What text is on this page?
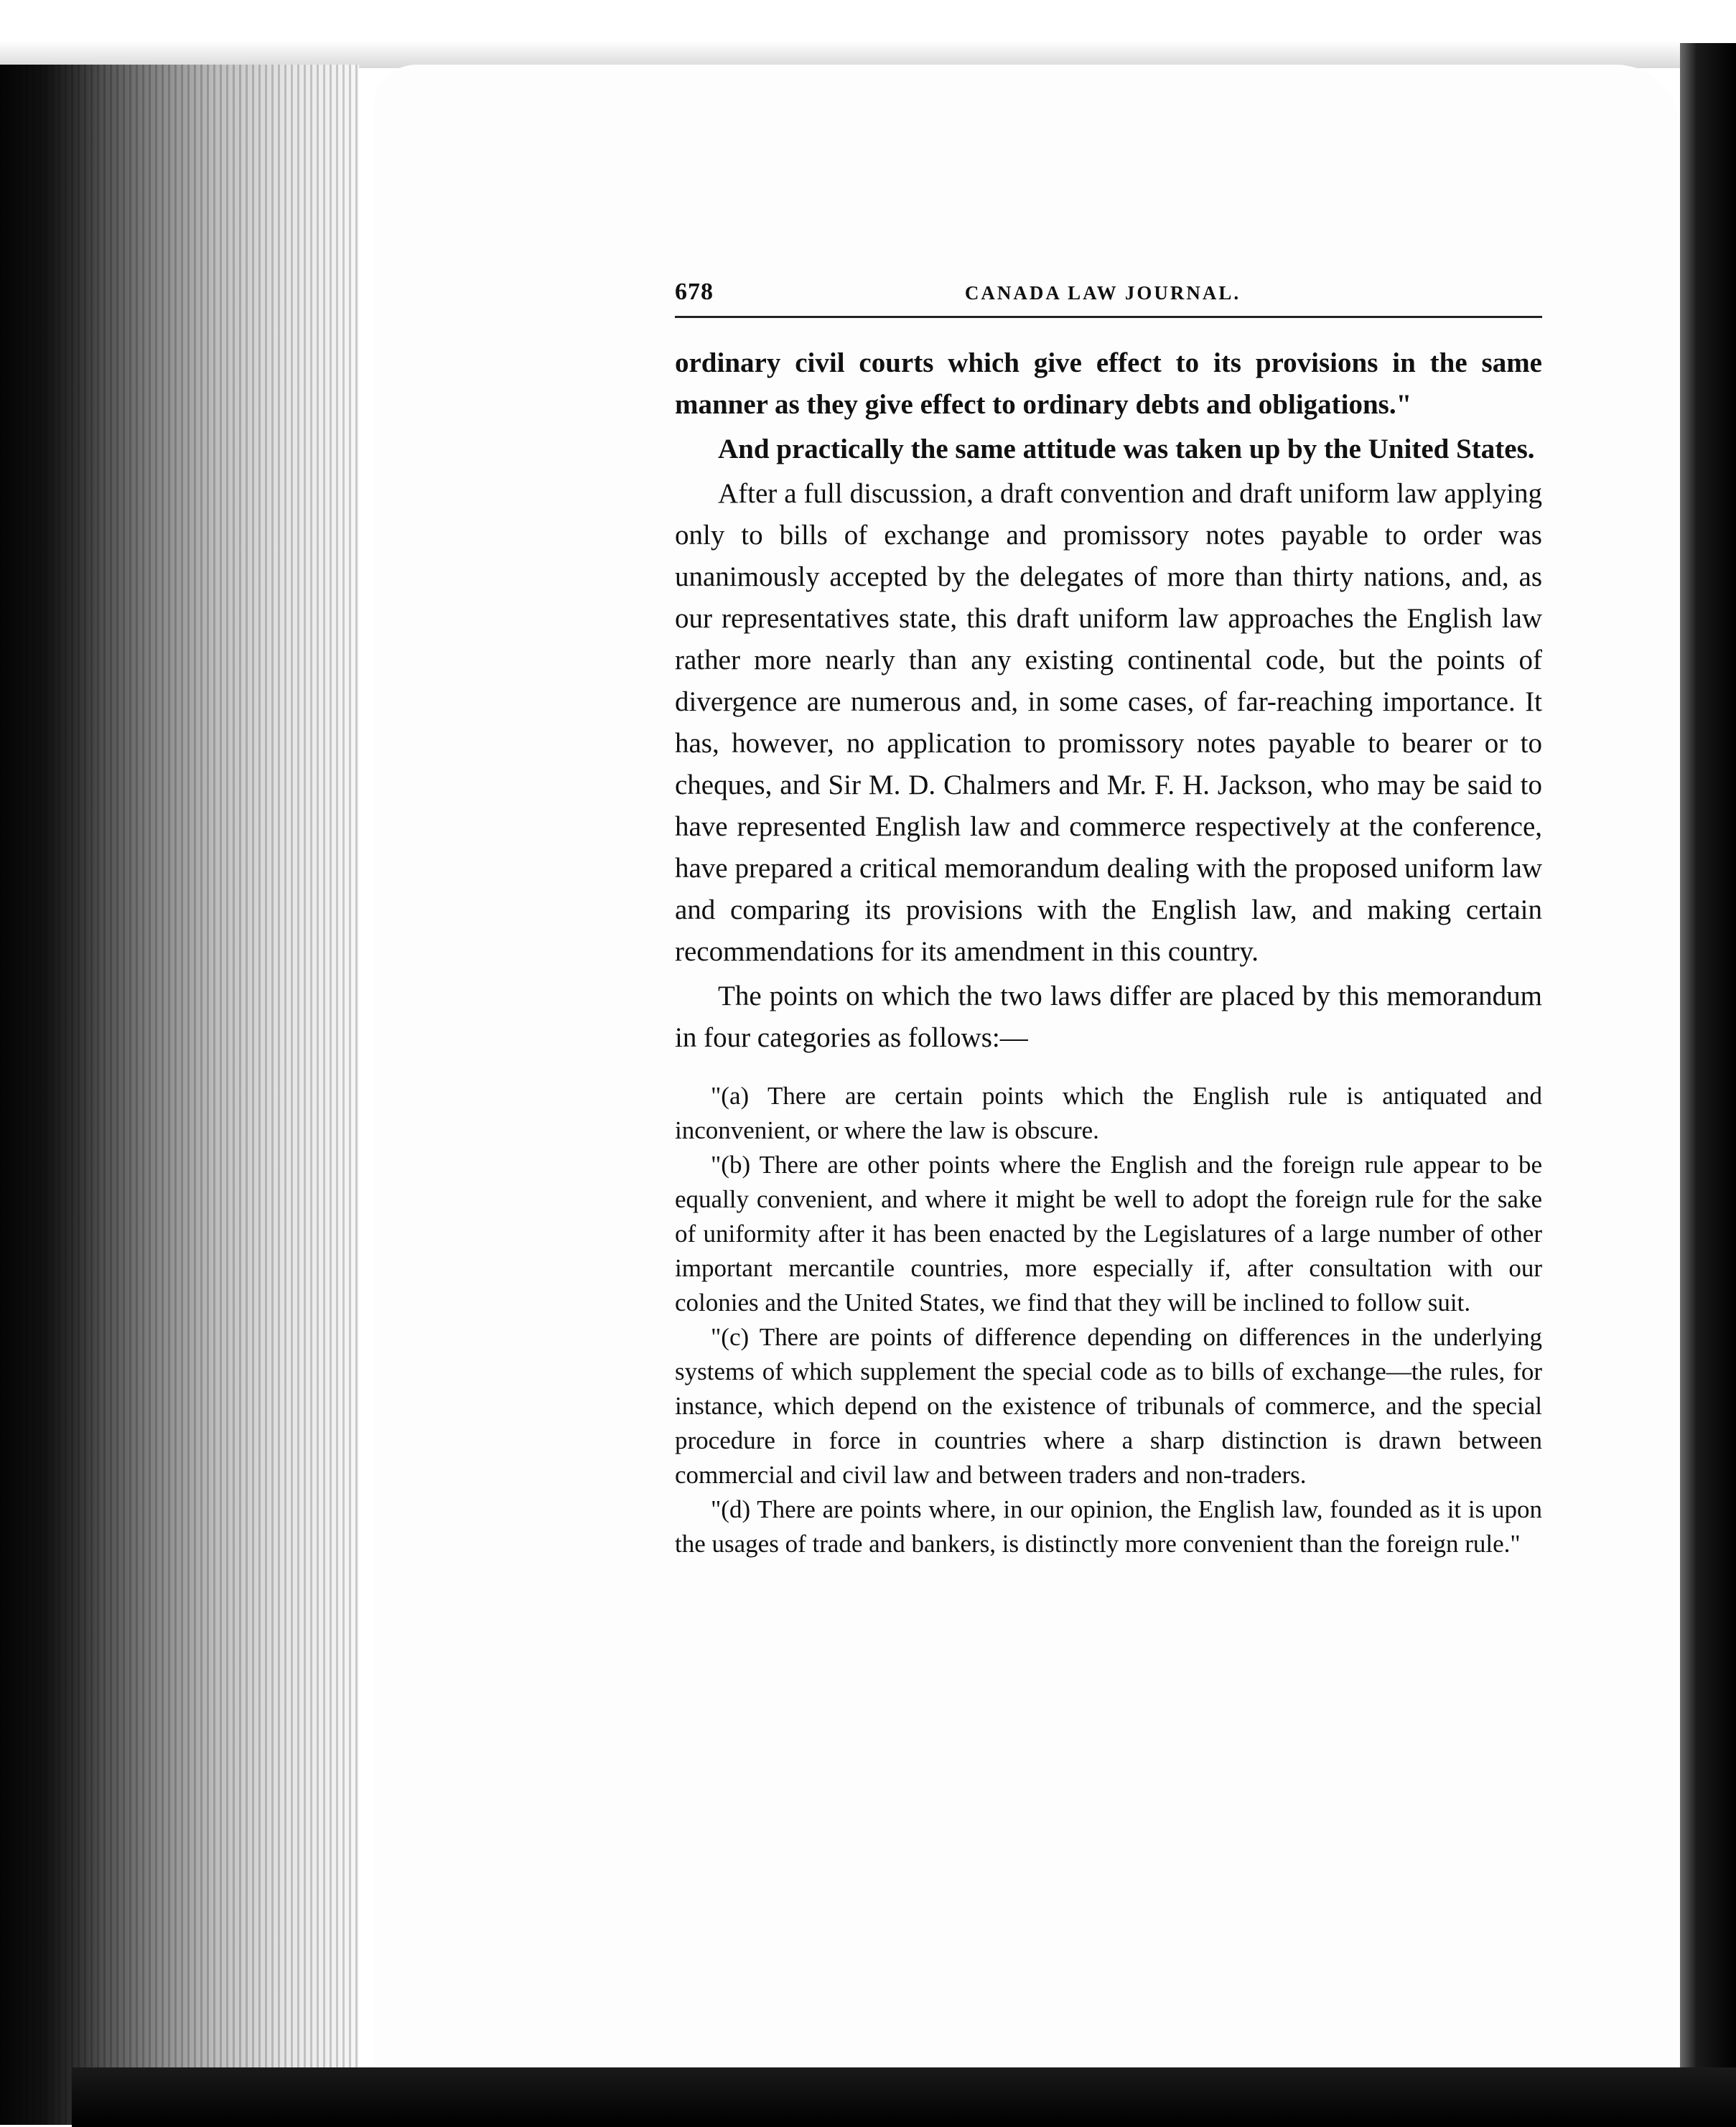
678	CANADA LAW JOURNAL.

ordinary civil courts which give effect to its provisions in the same manner as they give effect to ordinary debts and obligations."

And practically the same attitude was taken up by the United States.

After a full discussion, a draft convention and draft uniform law applying only to bills of exchange and promissory notes payable to order was unanimously accepted by the delegates of more than thirty nations, and, as our representatives state, this draft uniform law approaches the English law rather more nearly than any existing continental code, but the points of divergence are numerous and, in some cases, of far-reaching importance. It has, however, no application to promissory notes payable to bearer or to cheques, and Sir M. D. Chalmers and Mr. F. H. Jackson, who may be said to have represented English law and commerce respectively at the conference, have prepared a critical memorandum dealing with the proposed uniform law and comparing its provisions with the English law, and making certain recommendations for its amendment in this country.

The points on which the two laws differ are placed by this memorandum in four categories as follows:—

"(a) There are certain points which the English rule is antiquated and inconvenient, or where the law is obscure.

"(b) There are other points where the English and the foreign rule appear to be equally convenient, and where it might be well to adopt the foreign rule for the sake of uniformity after it has been enacted by the Legislatures of a large number of other important mercantile countries, more especially if, after consultation with our colonies and the United States, we find that they will be inclined to follow suit.

"(c) There are points of difference depending on differences in the underlying systems of which supplement the special code as to bills of exchange—the rules, for instance, which depend on the existence of tribunals of commerce, and the special procedure in force in countries where a sharp distinction is drawn between commercial and civil law and between traders and non-traders.

"(d) There are points where, in our opinion, the English law, founded as it is upon the usages of trade and bankers, is distinctly more convenient than the foreign rule."
